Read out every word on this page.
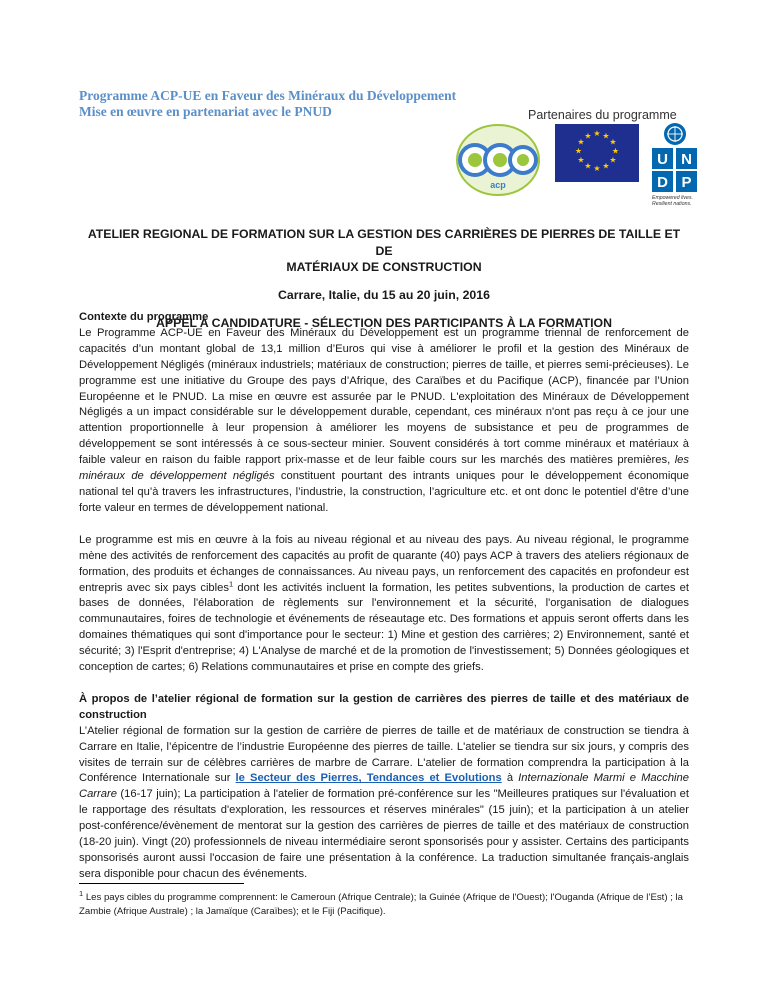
Programme ACP-UE en Faveur des Minéraux du Développement
Mise en œuvre en partenariat avec le PNUD	Partenaires du programme
acp
★ ★
★
★
★
★
★
★
★
★
★
★
U N
D P
Empowered lives.
Resilient nations.
ATELIER REGIONAL DE FORMATION SUR LA GESTION DES CARRIÈRES DE PIERRES DE TAILLE ET DE
MATÉRIAUX DE CONSTRUCTION
Carrare, Italie, du 15 au 20 juin, 2016
APPEL A CANDIDATURE - SÉLECTION DES PARTICIPANTS À LA FORMATION

Contexte du programme

Le Programme ACP-UE en Faveur des Minéraux du Développement est un programme triennal de renforcement de capacités d’un montant global de 13,1 million d’Euros qui vise à améliorer le profil et la gestion des Minéraux de Développement Négligés (minéraux industriels; matériaux de construction; pierres de taille, et pierres semi-précieuses). Le programme est une initiative du Groupe des pays d’Afrique, des Caraïbes et du Pacifique (ACP), financée par l’Union Européenne et le PNUD. La mise en œuvre est assurée par le PNUD. L'exploitation des Minéraux de Développement Négligés a un impact considérable sur le développement durable, cependant, ces minéraux n'ont pas reçu à ce jour une attention proportionnelle à leur propension à améliorer les moyens de subsistance et peu de programmes de développement se sont intéressés à ce sous-secteur minier. Souvent considérés à tort comme minéraux et matériaux à faible valeur en raison du faible rapport prix-masse et de leur faible cours sur les marchés des matières premières, les minéraux de développement négligés constituent pourtant des intrants uniques pour le développement économique national tel qu’à travers les infrastructures, l’industrie, la construction, l’agriculture etc. et ont donc le potentiel d'être d’une forte valeur en termes de développement national.

Le programme est mis en œuvre à la fois au niveau régional et au niveau des pays. Au niveau régional, le programme mène des activités de renforcement des capacités au profit de quarante (40) pays ACP à travers des ateliers régionaux de formation, des produits et échanges de connaissances. Au niveau pays, un renforcement des capacités en profondeur est entrepris avec six pays cibles$^1$ dont les activités incluent la formation, les petites subventions, la production de cartes et bases de données, l'élaboration de règlements sur l'environnement et la sécurité, l'organisation de dialogues communautaires, foires de technologie et événements de réseautage etc. Des formations et appuis seront offerts dans les domaines thématiques qui sont d'importance pour le secteur: 1) Mine et gestion des carrières; 2) Environnement, santé et sécurité; 3) l'Esprit d'entreprise; 4) L'Analyse de marché et de la promotion de l'investissement; 5) Données géologiques et conception de cartes; 6) Relations communautaires et prise en compte des griefs.

À propos de l’atelier régional de formation sur la gestion de carrières des pierres de taille et des matériaux de construction

L’Atelier régional de formation sur la gestion de carrière de pierres de taille et de matériaux de construction se tiendra à Carrare en Italie, l’épicentre de l’industrie Européenne des pierres de taille. L'atelier se tiendra sur six jours, y compris des visites de terrain sur de célèbres carrières de marbre de Carrare. L'atelier de formation comprendra la participation à la Conférence Internationale sur le Secteur des Pierres, Tendances et Evolutions à Internazionale Marmi e Macchine Carrare (16-17 juin); La participation à l'atelier de formation pré-conférence sur les "Meilleures pratiques sur l'évaluation et le rapportage des résultats d'exploration, les ressources et réserves minérales" (15 juin); et la participation à un atelier post-conférence/évènement de mentorat sur la gestion des carrières de pierres de taille et des matériaux de construction (18-20 juin). Vingt (20) professionnels de niveau intermédiaire seront sponsorisés pour y assister. Certains des participants sponsorisés auront aussi l'occasion de faire une présentation à la conférence. La traduction simultanée français-anglais sera disponible pour chacun des événements.

$^1$ Les pays cibles du programme comprennent: le Cameroun (Afrique Centrale); la Guinée (Afrique de l'Ouest); l'Ouganda (Afrique de l’Est) ; la Zambie (Afrique Australe) ; la Jamaïque (Caraïbes); et le Fiji (Pacifique).
